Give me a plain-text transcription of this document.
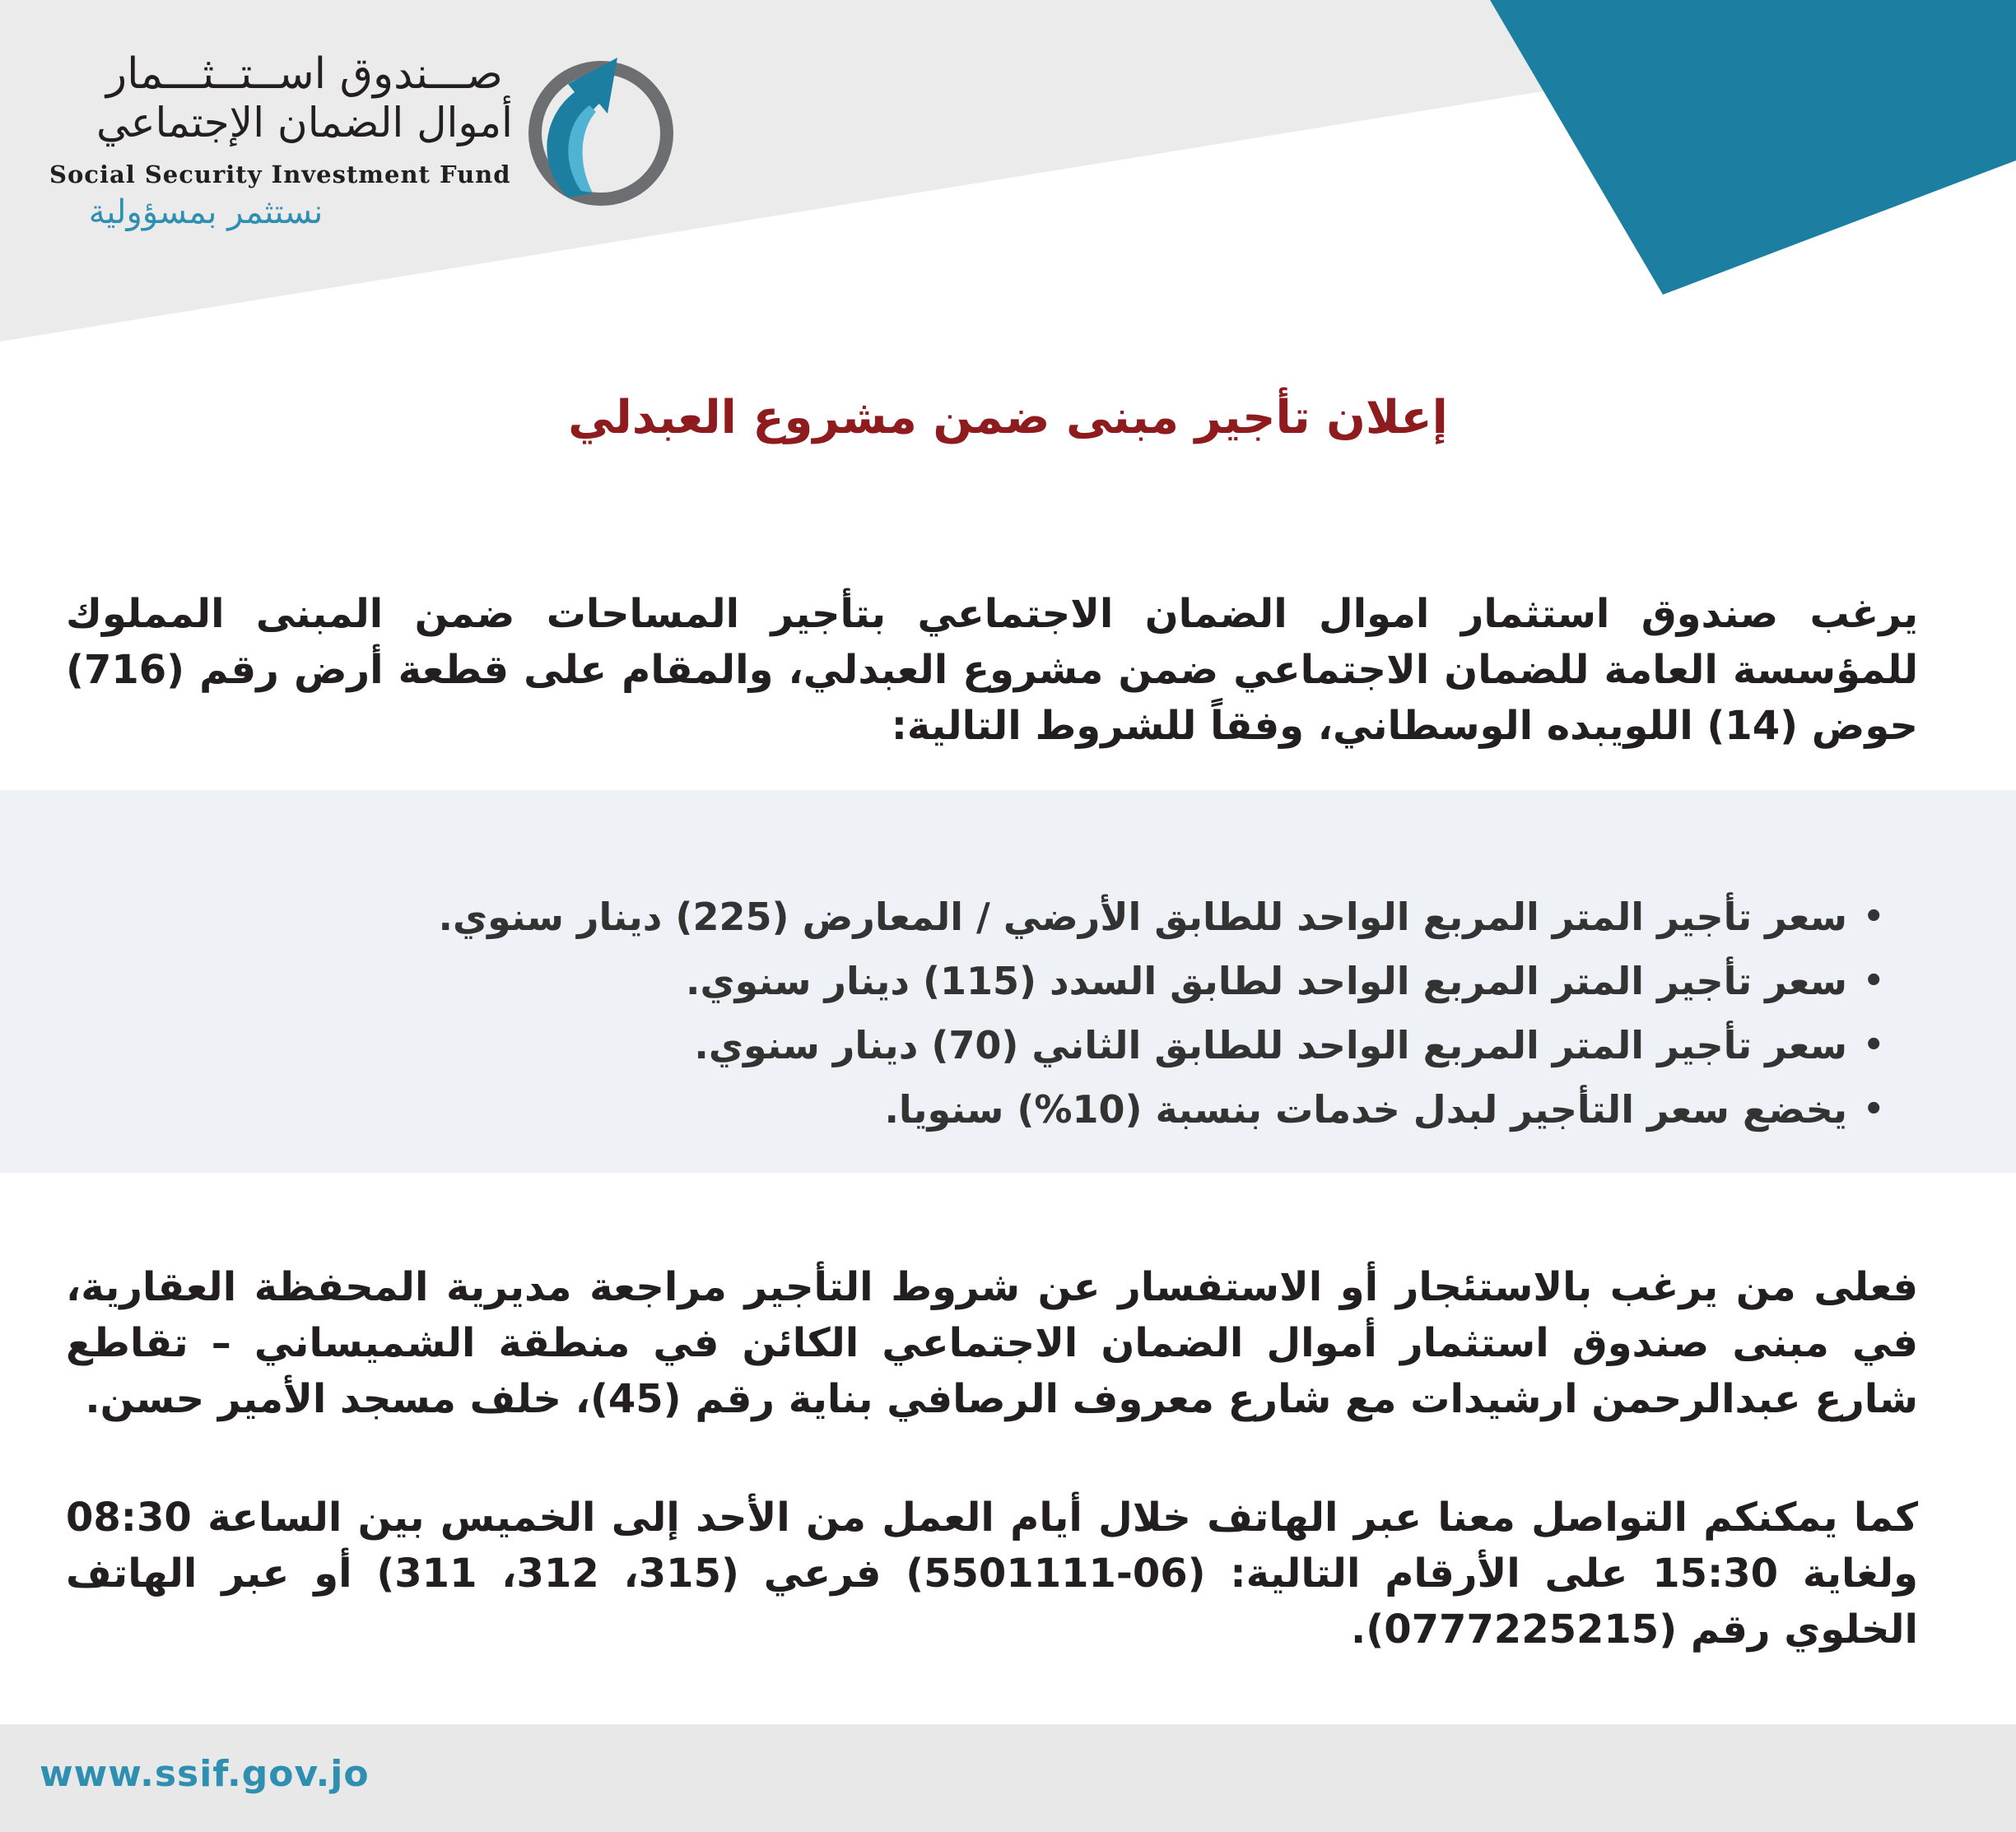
صـــندوق اســتــثـــمار
أموال الضمان الإجتماعي
Social Security Investment Fund
نستثمر بمسؤولية
إعلان تأجير مبنى ضمن مشروع العبدلي
يرغب صندوق استثمار اموال الضمان الاجتماعي بتأجير المساحات ضمن المبنى المملوك للمؤسسة العامة للضمان الاجتماعي ضمن مشروع العبدلي، والمقام على قطعة أرض رقم (716) حوض (14) اللويبده الوسطاني، وفقاً للشروط التالية:
• سعر تأجير المتر المربع الواحد للطابق الأرضي / المعارض (225) دينار سنوي.
• سعر تأجير المتر المربع الواحد لطابق السدد (115) دينار سنوي.
• سعر تأجير المتر المربع الواحد للطابق الثاني (70) دينار سنوي.
• يخضع سعر التأجير لبدل خدمات بنسبة (10%) سنويا.
فعلى من يرغب بالاستئجار أو الاستفسار عن شروط التأجير مراجعة مديرية المحفظة العقارية، في مبنى صندوق استثمار أموال الضمان الاجتماعي الكائن في منطقة الشميساني – تقاطع شارع عبدالرحمن ارشيدات مع شارع معروف الرصافي بناية رقم (45)، خلف مسجد الأمير حسن.
كما يمكنكم التواصل معنا عبر الهاتف خلال أيام العمل من الأحد إلى الخميس بين الساعة 08:30 ولغاية 15:30 على الأرقام التالية: (06-5501111) فرعي (315، 312، 311) أو عبر الهاتف الخلوي رقم (0777225215).
www.ssif.gov.jo
